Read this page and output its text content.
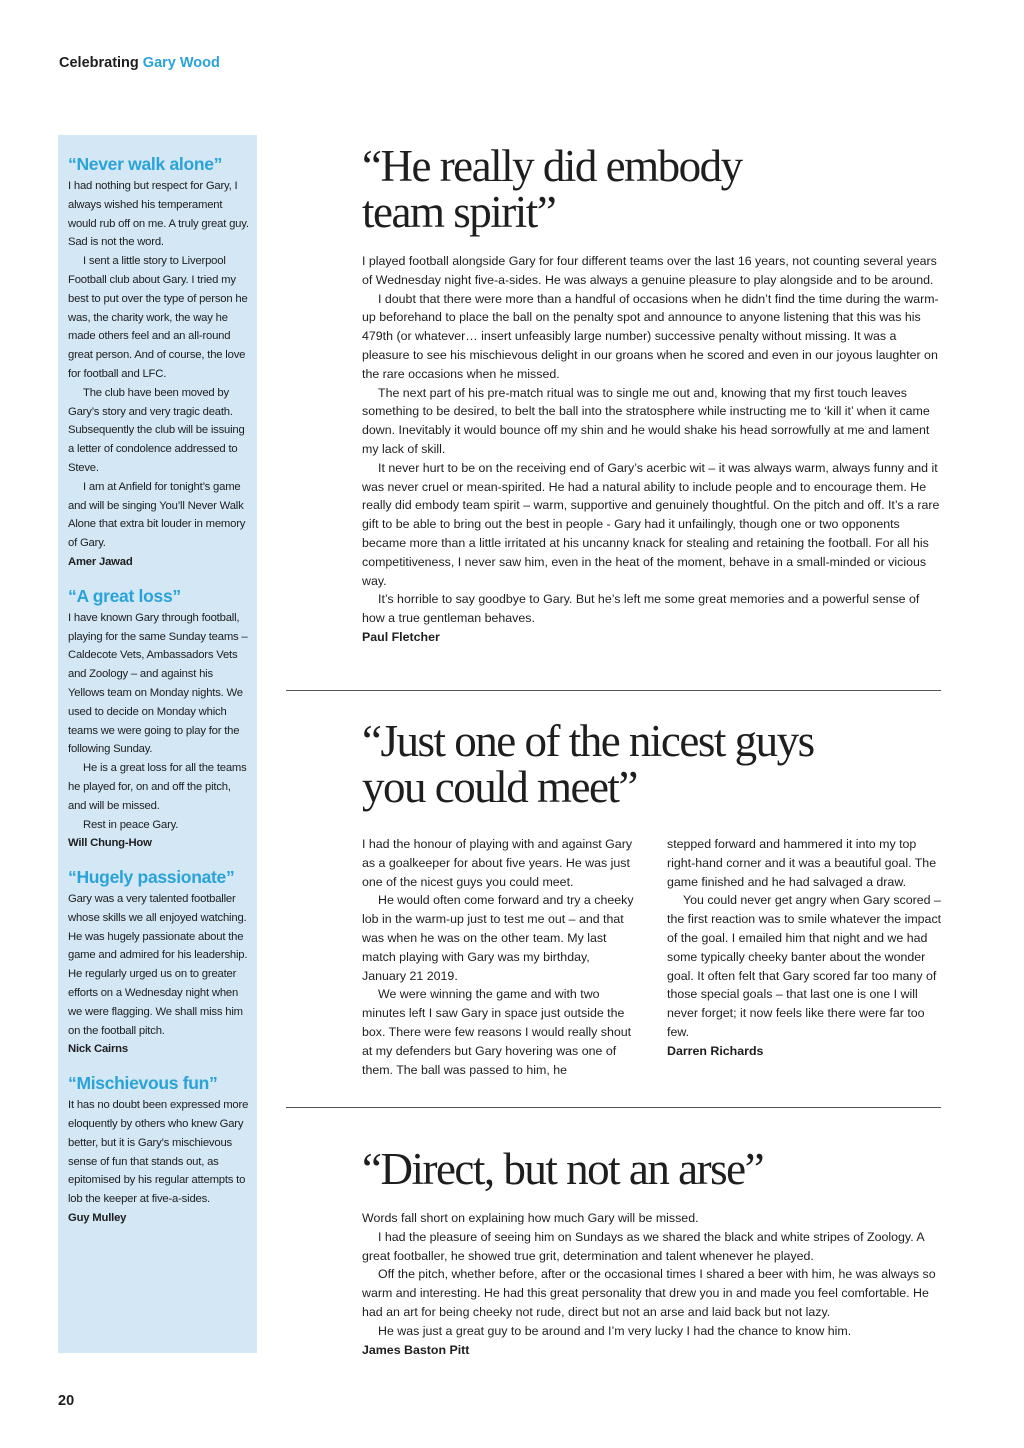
Celebrating Gary Wood

“Never walk alone”

I had nothing but respect for Gary, I always wished his temperament would rub off on me. A truly great guy. Sad is not the word.

I sent a little story to Liverpool Football club about Gary. I tried my best to put over the type of person he was, the charity work, the way he made others feel and an all-round great person. And of course, the love for football and LFC.

The club have been moved by Gary’s story and very tragic death. Subsequently the club will be issuing a letter of condolence addressed to Steve.

I am at Anfield for tonight’s game and will be singing You’ll Never Walk Alone that extra bit louder in memory of Gary.

Amer Jawad

“A great loss”

I have known Gary through football, playing for the same Sunday teams – Caldecote Vets, Ambassadors Vets and Zoology – and against his Yellows team on Monday nights. We used to decide on Monday which teams we were going to play for the following Sunday.

He is a great loss for all the teams he played for, on and off the pitch, and will be missed.

Rest in peace Gary.

Will Chung-How

“Hugely passionate”

Gary was a very talented footballer whose skills we all enjoyed watching. He was hugely passionate about the game and admired for his leadership. He regularly urged us on to greater efforts on a Wednesday night when we were flagging. We shall miss him on the football pitch.

Nick Cairns

“Mischievous fun”

It has no doubt been expressed more eloquently by others who knew Gary better, but it is Gary’s mischievous sense of fun that stands out, as epitomised by his regular attempts to lob the keeper at five-a-sides.

Guy Mulley

“He really did embody
team spirit”

I played football alongside Gary for four different teams over the last 16 years, not counting several years of Wednesday night five-a-sides. He was always a genuine pleasure to play alongside and to be around.

I doubt that there were more than a handful of occasions when he didn’t find the time during the warm-up beforehand to place the ball on the penalty spot and announce to anyone listening that this was his 479th (or whatever… insert unfeasibly large number) successive penalty without missing. It was a pleasure to see his mischievous delight in our groans when he scored and even in our joyous laughter on the rare occasions when he missed.

The next part of his pre-match ritual was to single me out and, knowing that my first touch leaves something to be desired, to belt the ball into the stratosphere while instructing me to ‘kill it’ when it came down. Inevitably it would bounce off my shin and he would shake his head sorrowfully at me and lament my lack of skill.

It never hurt to be on the receiving end of Gary’s acerbic wit – it was always warm, always funny and it was never cruel or mean-spirited. He had a natural ability to include people and to encourage them. He really did embody team spirit – warm, supportive and genuinely thoughtful. On the pitch and off. It’s a rare gift to be able to bring out the best in people - Gary had it unfailingly, though one or two opponents became more than a little irritated at his uncanny knack for stealing and retaining the football. For all his competitiveness, I never saw him, even in the heat of the moment, behave in a small-minded or vicious way.

It’s horrible to say goodbye to Gary. But he’s left me some great memories and a powerful sense of how a true gentleman behaves.

Paul Fletcher

“Just one of the nicest guys
you could meet”

I had the honour of playing with and against Gary as a goalkeeper for about five years. He was just one of the nicest guys you could meet.

He would often come forward and try a cheeky lob in the warm-up just to test me out – and that was when he was on the other team. My last match playing with Gary was my birthday, January 21 2019.

We were winning the game and with two minutes left I saw Gary in space just outside the box. There were few reasons I would really shout at my defenders but Gary hovering was one of them. The ball was passed to him, he

stepped forward and hammered it into my top right-hand corner and it was a beautiful goal. The game finished and he had salvaged a draw.

You could never get angry when Gary scored – the first reaction was to smile whatever the impact of the goal. I emailed him that night and we had some typically cheeky banter about the wonder goal. It often felt that Gary scored far too many of those special goals – that last one is one I will never forget; it now feels like there were far too few.

Darren Richards

“Direct, but not an arse”

Words fall short on explaining how much Gary will be missed.

I had the pleasure of seeing him on Sundays as we shared the black and white stripes of Zoology. A great footballer, he showed true grit, determination and talent whenever he played.

Off the pitch, whether before, after or the occasional times I shared a beer with him, he was always so warm and interesting. He had this great personality that drew you in and made you feel comfortable. He had an art for being cheeky not rude, direct but not an arse and laid back but not lazy.

He was just a great guy to be around and I’m very lucky I had the chance to know him.

James Baston Pitt

20
